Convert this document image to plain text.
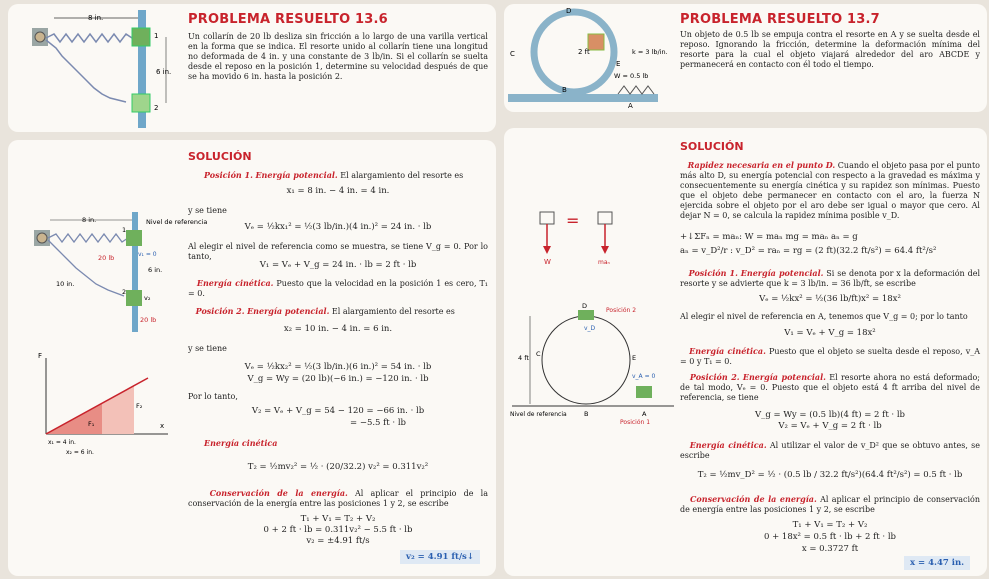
8 in.
1
2
6 in.
PROBLEMA RESUELTO 13.6
Un collarín de 20 lb desliza sin fricción a lo largo de una varilla vertical en la forma que se indica. El resorte unido al collarín tiene una longitud no deformada de 4 in. y una constante de 3 lb/in. Si el collarín se suelta desde el reposo en la posición 1, determine su velocidad después de que se ha movido 6 in. hasta la posición 2.
D
C
B
E
A
2 ft	k = 3 lb/in.
W = 0.5 lb
PROBLEMA RESUELTO 13.7
Un objeto de 0.5 lb se empuja contra el resorte en A y se suelta desde el reposo. Ignorando la fricción, determine la deformación mínima del resorte para la cual el objeto viajará alrededor del aro ABCDE y permanecerá en contacto con él todo el tiempo.
SOLUCIÓN
Posición 1. Energía potencial. El alargamiento del resorte es
x₁ = 8 in. − 4 in. = 4 in.
y se tiene
Vₑ = ½kx₁² = ½(3 lb/in.)(4 in.)² = 24 in. · lb
Al elegir el nivel de referencia como se muestra, se tiene V_g = 0. Por lo tanto,
V₁ = Vₑ + V_g = 24 in. · lb = 2 ft · lb
Energía cinética. Puesto que la velocidad en la posición 1 es cero, T₁ = 0.
Posición 2. Energía potencial. El alargamiento del resorte es
x₂ = 10 in. − 4 in. = 6 in.
y se tiene
Vₑ = ½kx₂² = ½(3 lb/in.)(6 in.)² = 54 in. · lb
V_g = Wy = (20 lb)(−6 in.) = −120 in. · lb
Por lo tanto,
V₂ = Vₑ + V_g = 54 − 120 = −66 in. · lb
= −5.5 ft · lb
Energía cinética
T₂ = ½mv₂² = ½ · (20/32.2) v₂² = 0.311v₂²
Conservación de la energía. Al aplicar el principio de la conservación de la energía entre las posiciones 1 y 2, se escribe
T₁ + V₁ = T₂ + V₂
0 + 2 ft · lb = 0.311v₂² − 5.5 ft · lb
v₂ = ±4.91 ft/s
v₂ = 4.91 ft/s↓
8 in.	Nivel de referencia
v₁ = 0
20 lb
20 lb
6 in.
10 in.
v₂
1
2
F
x
F₁
F₂
x₁ = 4 in.
x₂ = 6 in.
SOLUCIÓN
Rapidez necesaria en el punto D. Cuando el objeto pasa por el punto más alto D, su energía potencial con respecto a la gravedad es máxima y consecuentemente su energía cinética y su rapidez son mínimas. Puesto que el objeto debe permanecer en contacto con el aro, la fuerza N ejercida sobre el objeto por el aro debe ser igual o mayor que cero. Al dejar N = 0, se calcula la rapidez mínima posible v_D.
+↓ΣFₙ = maₙ: W = maₙ mg = maₙ aₙ = g
aₙ = v_D²/r : v_D² = raₙ = rg = (2 ft)(32.2 ft/s²) = 64.4 ft²/s²
Posición 1. Energía potencial. Si se denota por x la deformación del resorte y se advierte que k = 3 lb/in. = 36 lb/ft, se escribe
Vₑ = ½kx² = ½(36 lb/ft)x² = 18x²
Al elegir el nivel de referencia en A, tenemos que V_g = 0; por lo tanto
V₁ = Vₑ + V_g = 18x²
Energía cinética. Puesto que el objeto se suelta desde el reposo, v_A = 0 y T₁ = 0.
Posición 2. Energía potencial. El resorte ahora no está deformado; de tal modo, Vₑ = 0. Puesto que el objeto está 4 ft arriba del nivel de referencia, se tiene
V_g = Wy = (0.5 lb)(4 ft) = 2 ft · lb
V₂ = Vₑ + V_g = 2 ft · lb
Energía cinética. Al utilizar el valor de v_D² que se obtuvo antes, se escribe
T₂ = ½mv_D² = ½ · (0.5 lb / 32.2 ft/s²)(64.4 ft²/s²) = 0.5 ft · lb
Conservación de la energía. Al aplicar el principio de conservación de energía entre las posiciones 1 y 2, se escribe
T₁ + V₁ = T₂ + V₂
0 + 18x² = 0.5 ft · lb + 2 ft · lb
x = 0.3727 ft
x = 4.47 in.
W
=
maₙ
D
Posición 2
v_D
4 ft C	E
B	A
v_A = 0
Nivel de referencia
Posición 1
